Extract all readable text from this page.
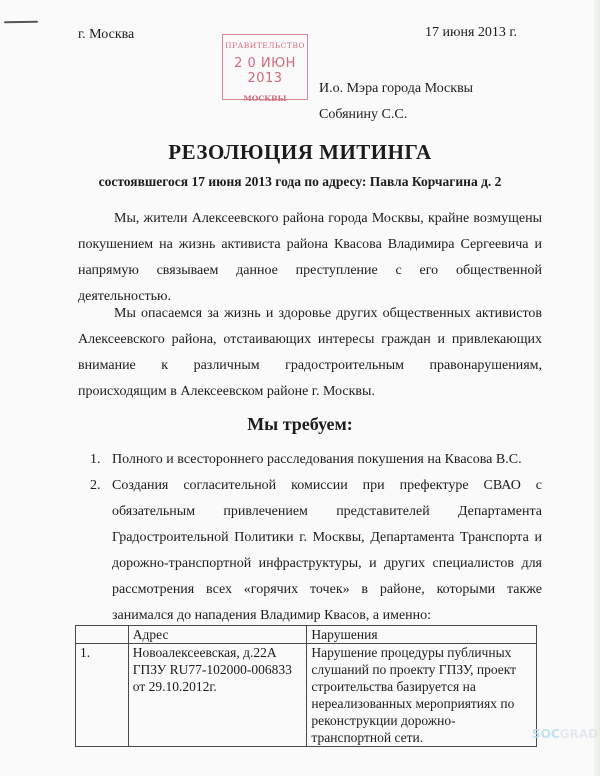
г. Москва	17 июня 2013 г.
ПРАВИТЕЛЬСТВО
2 0 ИЮН 2013
МОСКВЫ
И.о. Мэра города Москвы
Собянину С.С.
РЕЗОЛЮЦИЯ МИТИНГА
состоявшегося 17 июня 2013 года по адресу: Павла Корчагина д. 2
Мы, жители Алексеевского района города Москвы, крайне возмущены покушением на жизнь активиста района Квасова Владимира Сергеевича и напрямую связываем данное преступление с его общественной деятельностью.
Мы опасаемся за жизнь и здоровье других общественных активистов Алексеевского района, отстаивающих интересы граждан и привлекающих внимание к различным градостроительным правонарушениям, происходящим в Алексеевском районе г. Москвы.
Мы требуем:
1. Полного и всестороннего расследования покушения на Квасова В.С.
2. Создания согласительной комиссии при префектуре СВАО с обязательным привлечением представителей Департамента Градостроительной Политики г. Москвы, Департамента Транспорта и дорожно-транспортной инфраструктуры, и других специалистов для рассмотрения всех «горячих точек» в районе, которыми также занимался до нападения Владимир Квасов, а именно:
	Адрес	Нарушения
1.	Новоалексеевская, д.22А
ГПЗУ RU77-102000-006833
от 29.10.2012г.	Нарушение процедуры публичных слушаний по проекту ГПЗУ, проект строительства базируется на нереализованных мероприятиях по реконструкции дорожно-транспортной сети.	SOCGRAD
